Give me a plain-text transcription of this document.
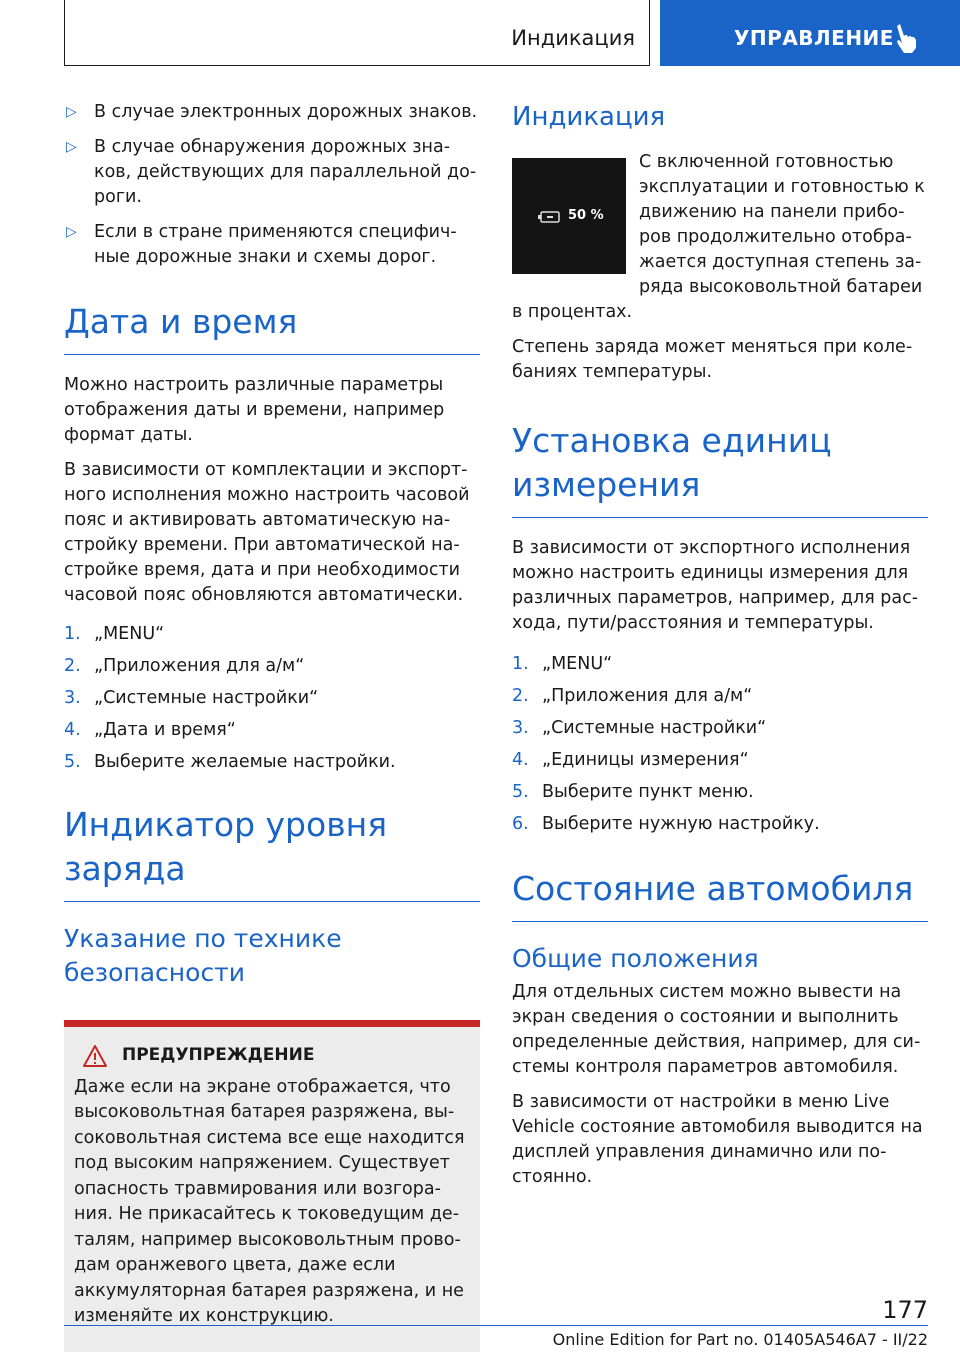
Индикация	УПРАВЛЕНИЕ
▷ В случае электронных дорожных знаков.
▷ В случае обнаружения дорожных знаков, действующих для параллельной дороги.
▷ Если в стране применяются специфичные дорожные знаки и схемы дорог.
Дата и время

Можно настроить различные параметры отображения даты и времени, например формат даты.

В зависимости от комплектации и экспортного исполнения можно настроить часовой пояс и активировать автоматическую настройку времени. При автоматической настройке время, дата и при необходимости часовой пояс обновляются автоматически.

1. „MENU“
2. „Приложения для а/м“
3. „Системные настройки“
4. „Дата и время“
5. Выберите желаемые настройки.
Индикатор уровня заряда
Указание по технике безопасности
ПРЕДУПРЕЖДЕНИЕ
Даже если на экране отображается, что высоковольтная батарея разряжена, высоковольтная система все еще находится под высоким напряжением. Существует опасность травмирования или возгорания. Не прикасайтесь к токоведущим деталям, например высоковольтным проводам оранжевого цвета, даже если аккумуляторная батарея разряжена, и не изменяйте их конструкцию.
Индикация
50 %
С включенной готовностью эксплуатации и готовностью к движению на панели приборов продолжительно отображается доступная степень заряда высоковольтной батареи в процентах.

Степень заряда может меняться при колебаниях температуры.

Установка единиц измерения

В зависимости от экспортного исполнения можно настроить единицы измерения для различных параметров, например, для расхода, пути/расстояния и температуры.

1. „MENU“
2. „Приложения для а/м“
3. „Системные настройки“
4. „Единицы измерения“
5. Выберите пункт меню.
6. Выберите нужную настройку.
Состояние автомобиля
Общие положения

Для отдельных систем можно вывести на экран сведения о состоянии и выполнить определенные действия, например, для системы контроля параметров автомобиля.

В зависимости от настройки в меню Live Vehicle состояние автомобиля выводится на дисплей управления динамично или постоянно.

177
Online Edition for Part no. 01405A546A7 - II/22
